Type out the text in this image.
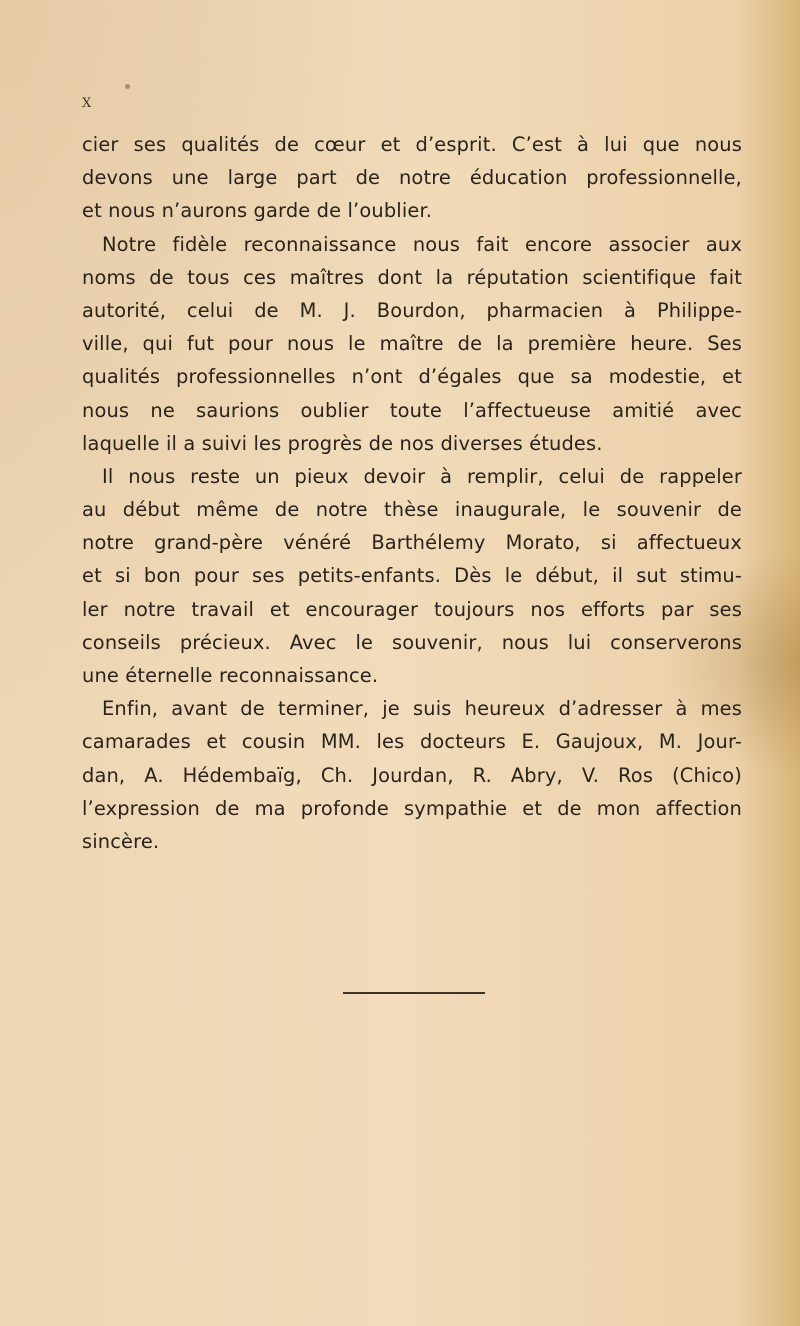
X
cier ses qualités de cœur et d’esprit. C’est à lui que nous
devons une large part de notre éducation professionnelle,
et nous n’aurons garde de l’oublier.
Notre fidèle reconnaissance nous fait encore associer aux
noms de tous ces maîtres dont la réputation scientifique fait
autorité, celui de M. J. Bourdon, pharmacien à Philippe-
ville, qui fut pour nous le maître de la première heure. Ses
qualités professionnelles n’ont d’égales que sa modestie, et
nous ne saurions oublier toute l’affectueuse amitié avec
laquelle il a suivi les progrès de nos diverses études.
Il nous reste un pieux devoir à remplir, celui de rappeler
au début même de notre thèse inaugurale, le souvenir de
notre grand-père vénéré Barthélemy Morato, si affectueux
et si bon pour ses petits-enfants. Dès le début, il sut stimu-
ler notre travail et encourager toujours nos efforts par ses
conseils précieux. Avec le souvenir, nous lui conserverons
une éternelle reconnaissance.
Enfin, avant de terminer, je suis heureux d’adresser à mes
camarades et cousin MM. les docteurs E. Gaujoux, M. Jour-
dan, A. Hédembaïg, Ch. Jourdan, R. Abry, V. Ros (Chico)
l’expression de ma profonde sympathie et de mon affection
sincère.
